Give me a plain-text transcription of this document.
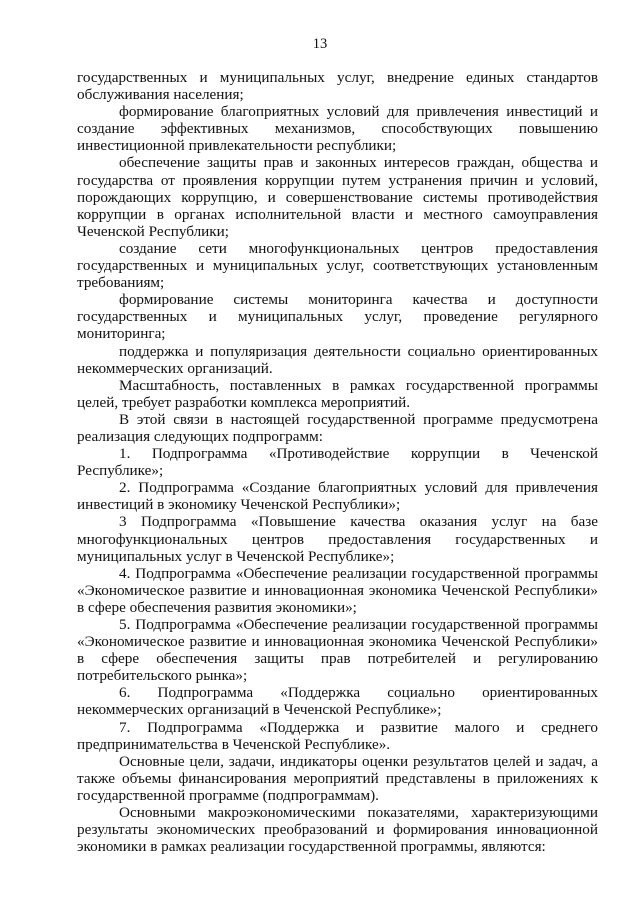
13

государственных и муниципальных услуг, внедрение единых стандартов обслуживания населения;

формирование благоприятных условий для привлечения инвестиций и создание эффективных механизмов, способствующих повышению инвестиционной привлекательности республики;

обеспечение защиты прав и законных интересов граждан, общества и государства от проявления коррупции путем устранения причин и условий, порождающих коррупцию, и совершенствование системы противодействия коррупции в органах исполнительной власти и местного самоуправления Чеченской Республики;

создание сети многофункциональных центров предоставления государственных и муниципальных услуг, соответствующих установленным требованиям;

формирование системы мониторинга качества и доступности государственных и муниципальных услуг, проведение регулярного мониторинга;

поддержка и популяризация деятельности социально ориентированных некоммерческих организаций.

Масштабность, поставленных в рамках государственной программы целей, требует разработки комплекса мероприятий.

В этой связи в настоящей государственной программе предусмотрена реализация следующих подпрограмм:

1. Подпрограмма «Противодействие коррупции в Чеченской Республике»;

2. Подпрограмма «Создание благоприятных условий для привлечения инвестиций в экономику Чеченской Республики»;

3 Подпрограмма «Повышение качества оказания услуг на базе многофункциональных центров предоставления государственных и муниципальных услуг в Чеченской Республике»;

4. Подпрограмма «Обеспечение реализации государственной программы «Экономическое развитие и инновационная экономика Чеченской Республики» в сфере обеспечения развития экономики»;

5. Подпрограмма «Обеспечение реализации государственной программы «Экономическое развитие и инновационная экономика Чеченской Республики» в сфере обеспечения защиты прав потребителей и регулированию потребительского рынка»;

6. Подпрограмма «Поддержка социально ориентированных некоммерческих организаций в Чеченской Республике»;

7. Подпрограмма «Поддержка и развитие малого и среднего предпринимательства в Чеченской Республике».

Основные цели, задачи, индикаторы оценки результатов целей и задач, а также объемы финансирования мероприятий представлены в приложениях к государственной программе (подпрограммам).

Основными макроэкономическими показателями, характеризующими результаты экономических преобразований и формирования инновационной экономики в рамках реализации государственной программы, являются:
